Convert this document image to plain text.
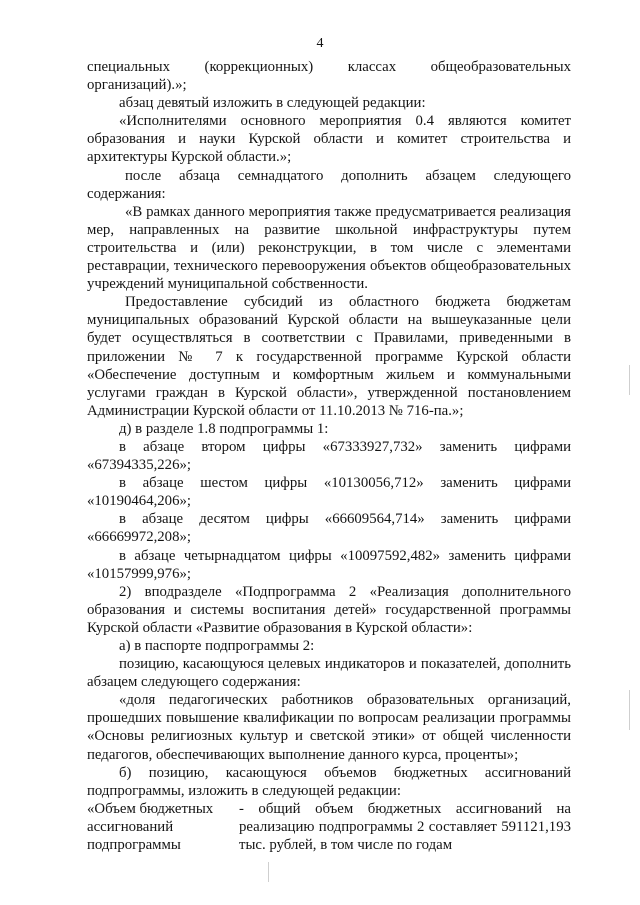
4

специальных (коррекционных) классах общеобразовательных организаций).»;

абзац девятый изложить в следующей редакции:

«Исполнителями основного мероприятия 0.4 являются комитет образования и науки Курской области и комитет строительства и архитектуры Курской области.»;

после абзаца семнадцатого дополнить абзацем следующего содержания:

«В рамках данного мероприятия также предусматривается реализация мер, направленных на развитие школьной инфраструктуры путем строительства и (или) реконструкции, в том числе с элементами реставрации, технического перевооружения объектов общеобразовательных учреждений муниципальной собственности.

Предоставление субсидий из областного бюджета бюджетам муниципальных образований Курской области на вышеуказанные цели будет осуществляться в соответствии с Правилами, приведенными в приложении № 7 к государственной программе Курской области «Обеспечение доступным и комфортным жильем и коммунальными услугами граждан в Курской области», утвержденной постановлением Администрации Курской области от 11.10.2013 № 716-па.»;

д) в разделе 1.8 подпрограммы 1:

в абзаце втором цифры «67333927,732» заменить цифрами «67394335,226»;

в абзаце шестом цифры «10130056,712» заменить цифрами «10190464,206»;

в абзаце десятом цифры «66609564,714» заменить цифрами «66669972,208»;

в абзаце четырнадцатом цифры «10097592,482» заменить цифрами «10157999,976»;

2) вподразделе «Подпрограмма 2 «Реализация дополнительного образования и системы воспитания детей» государственной программы Курской области «Развитие образования в Курской области»:

а) в паспорте подпрограммы 2:

позицию, касающуюся целевых индикаторов и показателей, дополнить абзацем следующего содержания:

«доля педагогических работников образовательных организаций, прошедших повышение квалификации по вопросам реализации программы «Основы религиозных культур и светской этики» от общей численности педагогов, обеспечивающих выполнение данного курса, проценты»;

б) позицию, касающуюся объемов бюджетных ассигнований подпрограммы, изложить в следующей редакции:

«Объем бюджетных ассигнований подпрограммы

- общий объем бюджетных ассигнований на реализацию подпрограммы 2 составляет 591121,193 тыс. рублей, в том числе по годам
